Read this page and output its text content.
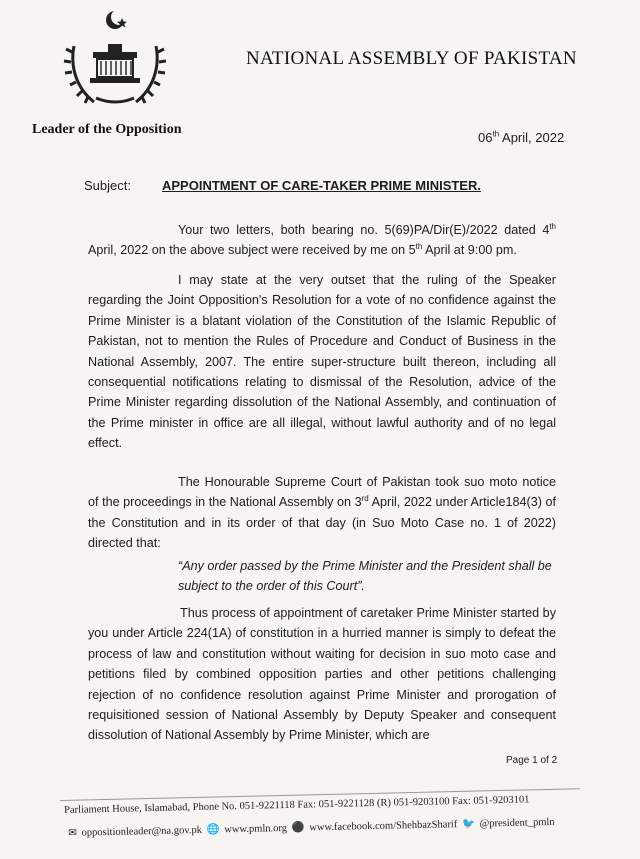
NATIONAL ASSEMBLY OF PAKISTAN
Leader of the Opposition
06th April, 2022
Subject: APPOINTMENT OF CARE-TAKER PRIME MINISTER.

Your two letters, both bearing no. 5(69)PA/Dir(E)/2022 dated 4th April, 2022 on the above subject were received by me on 5th April at 9:00 pm.

I may state at the very outset that the ruling of the Speaker regarding the Joint Opposition's Resolution for a vote of no confidence against the Prime Minister is a blatant violation of the Constitution of the Islamic Republic of Pakistan, not to mention the Rules of Procedure and Conduct of Business in the National Assembly, 2007. The entire super-structure built thereon, including all consequential notifications relating to dismissal of the Resolution, advice of the Prime Minister regarding dissolution of the National Assembly, and continuation of the Prime minister in office are all illegal, without lawful authority and of no legal effect.

The Honourable Supreme Court of Pakistan took suo moto notice of the proceedings in the National Assembly on 3rd April, 2022 under Article184(3) of the Constitution and in its order of that day (in Suo Moto Case no. 1 of 2022) directed that:

“Any order passed by the Prime Minister and the President shall be subject to the order of this Court”.

Thus process of appointment of caretaker Prime Minister started by you under Article 224(1A) of constitution in a hurried manner is simply to defeat the process of law and constitution without waiting for decision in suo moto case and petitions filed by combined opposition parties and other petitions challenging rejection of no confidence resolution against Prime Minister and prorogation of requisitioned session of National Assembly by Deputy Speaker and consequent dissolution of National Assembly by Prime Minister, which are

Page 1 of 2
Parliament House, Islamabad, Phone No. 051-9221118 Fax: 051-9221128 (R) 051-9203100 Fax: 051-9203101
✉ oppositionleader@na.gov.pk 🌐 www.pmln.org ⚫ www.facebook.com/ShehbazSharif 🐦 @president_pmln
